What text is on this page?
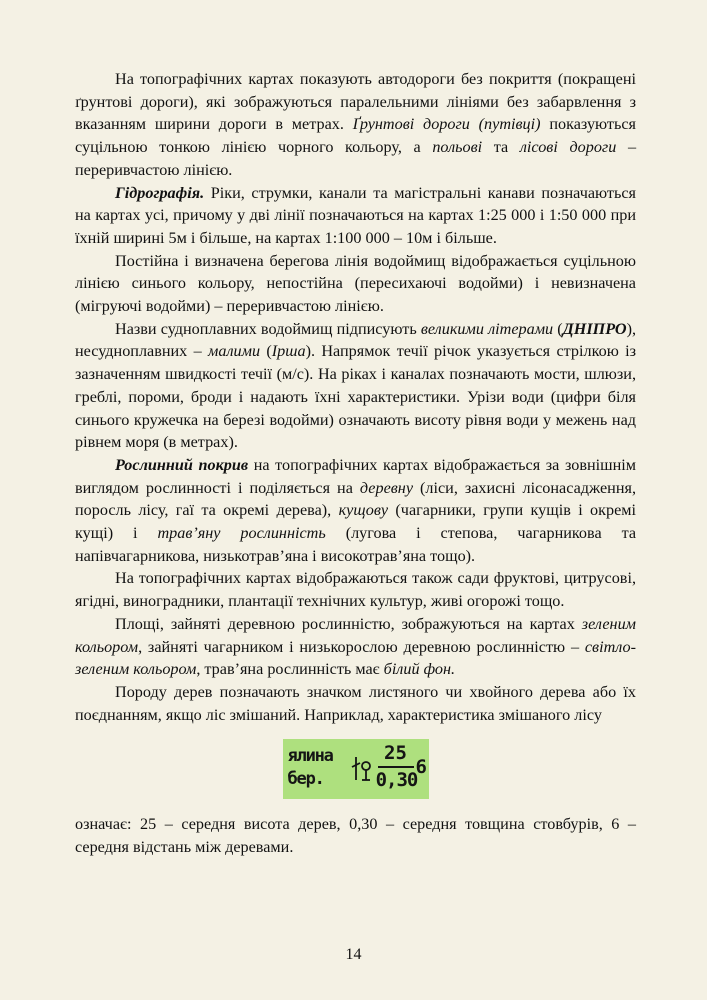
На топографічних картах показують автодороги без покриття (покращені ґрунтові дороги), які зображуються паралельними лініями без забарвлення з вказанням ширини дороги в метрах. Ґрунтові дороги (путівці) показуються суцільною тонкою лінією чорного кольору, а польові та лісові дороги – переривчастою лінією.

Гідрографія. Ріки, струмки, канали та магістральні канави позначаються на картах усі, причому у дві лінії позначаються на картах 1:25 000 і 1:50 000 при їхній ширині 5м і більше, на картах 1:100 000 – 10м і більше.

Постійна і визначена берегова лінія водоймищ відображається суцільною лінією синього кольору, непостійна (пересихаючі водойми) і невизначена (мігруючі водойми) – переривчастою лінією.

Назви судноплавних водоймищ підписують великими літерами (ДНІПРО), несудноплавних – малими (Ірша). Напрямок течії річок указується стрілкою із зазначенням швидкості течії (м/с). На ріках і каналах позначають мости, шлюзи, греблі, пороми, броди і надають їхні характеристики. Урізи води (цифри біля синього кружечка на березі водойми) означають висоту рівня води у межень над рівнем моря (в метрах).

Рослинний покрив на топографічних картах відображається за зовнішнім виглядом рослинності і поділяється на деревну (ліси, захисні лісонасадження, поросль лісу, гаї та окремі дерева), кущову (чагарники, групи кущів і окремі кущі) і трав’яну рослинність (лугова і степова, чагарникова та напівчагарникова, низькотрав’яна і високотрав’яна тощо).

На топографічних картах відображаються також сади фруктові, цитрусові, ягідні, виноградники, плантації технічних культур, живі огорожі тощо.

Площі, зайняті деревною рослинністю, зображуються на картах зеленим кольором, зайняті чагарником і низькорослою деревною рослинністю – світло-зеленим кольором, трав’яна рослинність має білий фон.

Породу дерев позначають значком листяного чи хвойного дерева або їх поєднанням, якщо ліс змішаний. Наприклад, характеристика змішаного лісу

ялина
бер.
25
0,30
6

означає: 25 – середня висота дерев, 0,30 – середня товщина стовбурів, 6 – середня відстань між деревами.

14
